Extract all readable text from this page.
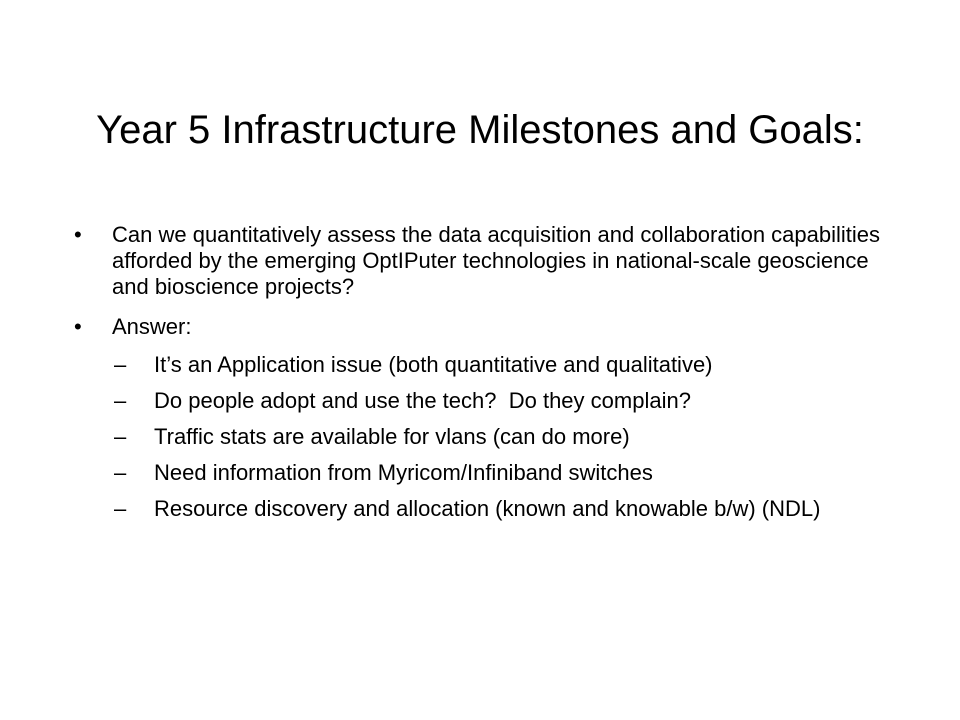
Year 5 Infrastructure Milestones and Goals:
• Can we quantitatively assess the data acquisition and collaboration capabilities afforded by the emerging OptIPuter technologies in national-scale geoscience and bioscience projects?
• Answer:
– It’s an Application issue (both quantitative and qualitative)
– Do people adopt and use the tech?  Do they complain?
– Traffic stats are available for vlans (can do more)
– Need information from Myricom/Infiniband switches
– Resource discovery and allocation (known and knowable b/w) (NDL)
